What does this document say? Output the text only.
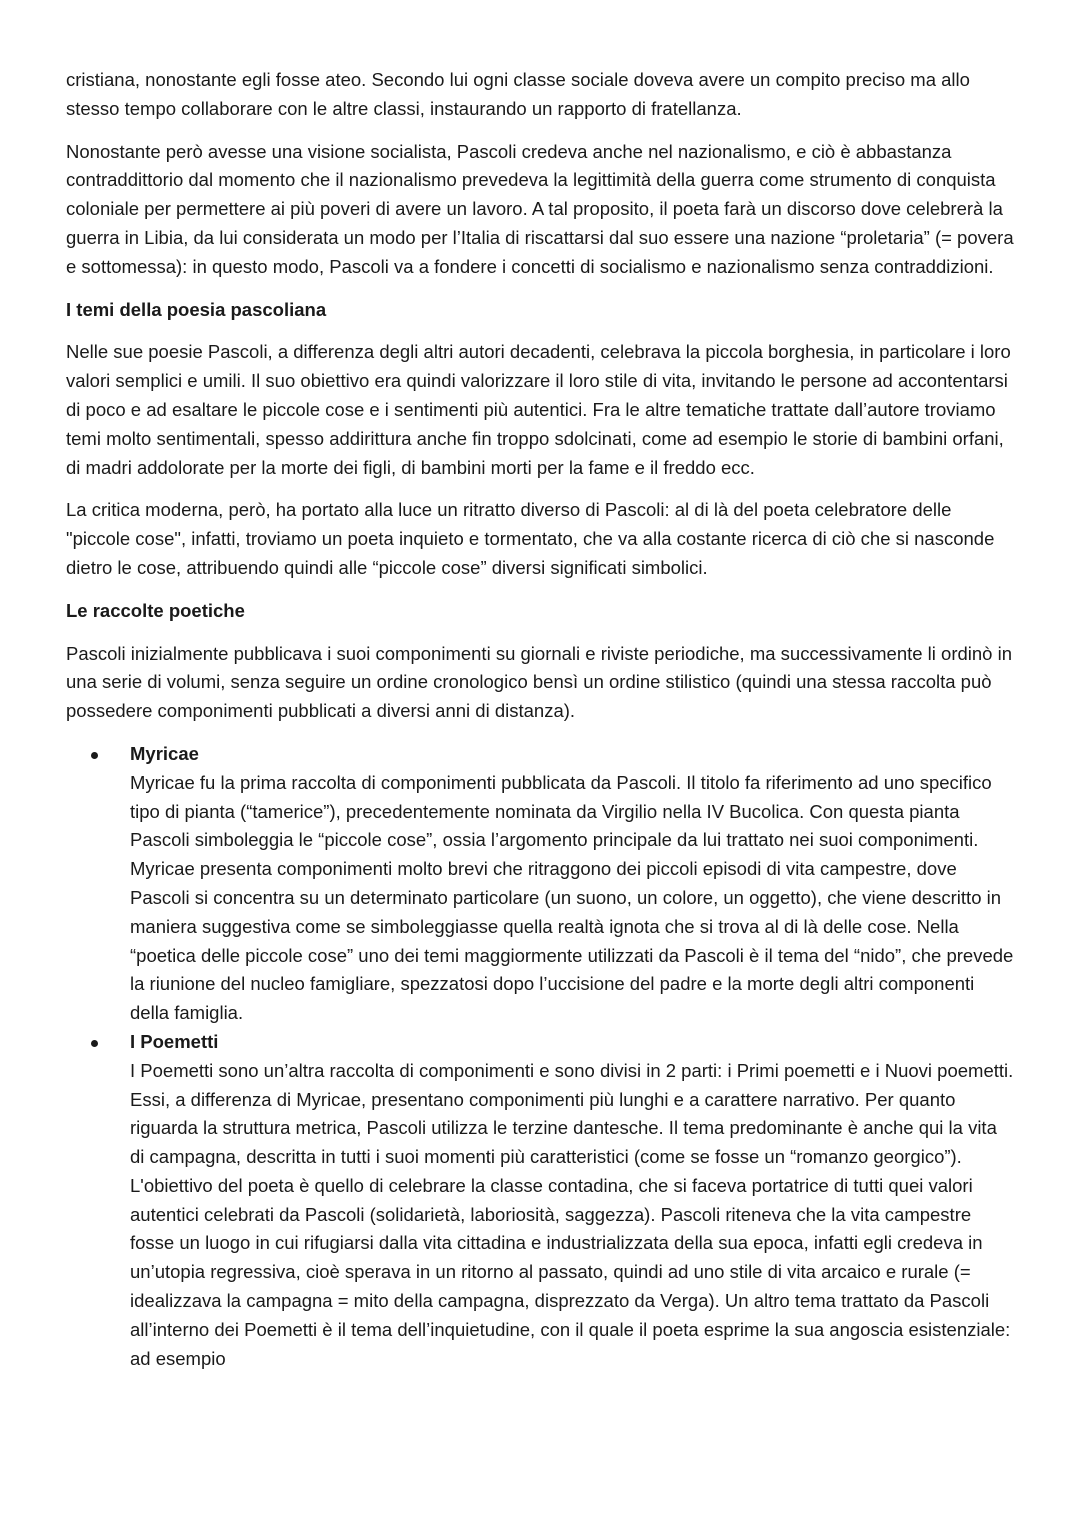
cristiana, nonostante egli fosse ateo. Secondo lui ogni classe sociale doveva avere un compito preciso ma allo stesso tempo collaborare con le altre classi, instaurando un rapporto di fratellanza.

Nonostante però avesse una visione socialista, Pascoli credeva anche nel nazionalismo, e ciò è abbastanza contraddittorio dal momento che il nazionalismo prevedeva la legittimità della guerra come strumento di conquista coloniale per permettere ai più poveri di avere un lavoro. A tal proposito, il poeta farà un discorso dove celebrerà la guerra in Libia, da lui considerata un modo per l’Italia di riscattarsi dal suo essere una nazione “proletaria” (= povera e sottomessa): in questo modo, Pascoli va a fondere i concetti di socialismo e nazionalismo senza contraddizioni.

I temi della poesia pascoliana

Nelle sue poesie Pascoli, a differenza degli altri autori decadenti, celebrava la piccola borghesia, in particolare i loro valori semplici e umili. Il suo obiettivo era quindi valorizzare il loro stile di vita, invitando le persone ad accontentarsi di poco e ad esaltare le piccole cose e i sentimenti più autentici. Fra le altre tematiche trattate dall’autore troviamo temi molto sentimentali, spesso addirittura anche fin troppo sdolcinati, come ad esempio le storie di bambini orfani, di madri addolorate per la morte dei figli, di bambini morti per la fame e il freddo ecc.

La critica moderna, però, ha portato alla luce un ritratto diverso di Pascoli: al di là del poeta celebratore delle "piccole cose", infatti, troviamo un poeta inquieto e tormentato, che va alla costante ricerca di ciò che si nasconde dietro le cose, attribuendo quindi alle “piccole cose” diversi significati simbolici.

Le raccolte poetiche

Pascoli inizialmente pubblicava i suoi componimenti su giornali e riviste periodiche, ma successivamente li ordinò in una serie di volumi, senza seguire un ordine cronologico bensì un ordine stilistico (quindi una stessa raccolta può possedere componimenti pubblicati a diversi anni di distanza).

Myricae

Myricae fu la prima raccolta di componimenti pubblicata da Pascoli. Il titolo fa riferimento ad uno specifico tipo di pianta (“tamerice”), precedentemente nominata da Virgilio nella IV Bucolica. Con questa pianta Pascoli simboleggia le “piccole cose”, ossia l’argomento principale da lui trattato nei suoi componimenti. Myricae presenta componimenti molto brevi che ritraggono dei piccoli episodi di vita campestre, dove Pascoli si concentra su un determinato particolare (un suono, un colore, un oggetto), che viene descritto in maniera suggestiva come se simboleggiasse quella realtà ignota che si trova al di là delle cose. Nella “poetica delle piccole cose” uno dei temi maggiormente utilizzati da Pascoli è il tema del “nido”, che prevede la riunione del nucleo famigliare, spezzatosi dopo l’uccisione del padre e la morte degli altri componenti della famiglia.

I Poemetti

I Poemetti sono un’altra raccolta di componimenti e sono divisi in 2 parti: i Primi poemetti e i Nuovi poemetti. Essi, a differenza di Myricae, presentano componimenti più lunghi e a carattere narrativo. Per quanto riguarda la struttura metrica, Pascoli utilizza le terzine dantesche. Il tema predominante è anche qui la vita di campagna, descritta in tutti i suoi momenti più caratteristici (come se fosse un “romanzo georgico”). L'obiettivo del poeta è quello di celebrare la classe contadina, che si faceva portatrice di tutti quei valori autentici celebrati da Pascoli (solidarietà, laboriosità, saggezza). Pascoli riteneva che la vita campestre fosse un luogo in cui rifugiarsi dalla vita cittadina e industrializzata della sua epoca, infatti egli credeva in un’utopia regressiva, cioè sperava in un ritorno al passato, quindi ad uno stile di vita arcaico e rurale (= idealizzava la campagna = mito della campagna, disprezzato da Verga). Un altro tema trattato da Pascoli all’interno dei Poemetti è il tema dell’inquietudine, con il quale il poeta esprime la sua angoscia esistenziale: ad esempio
